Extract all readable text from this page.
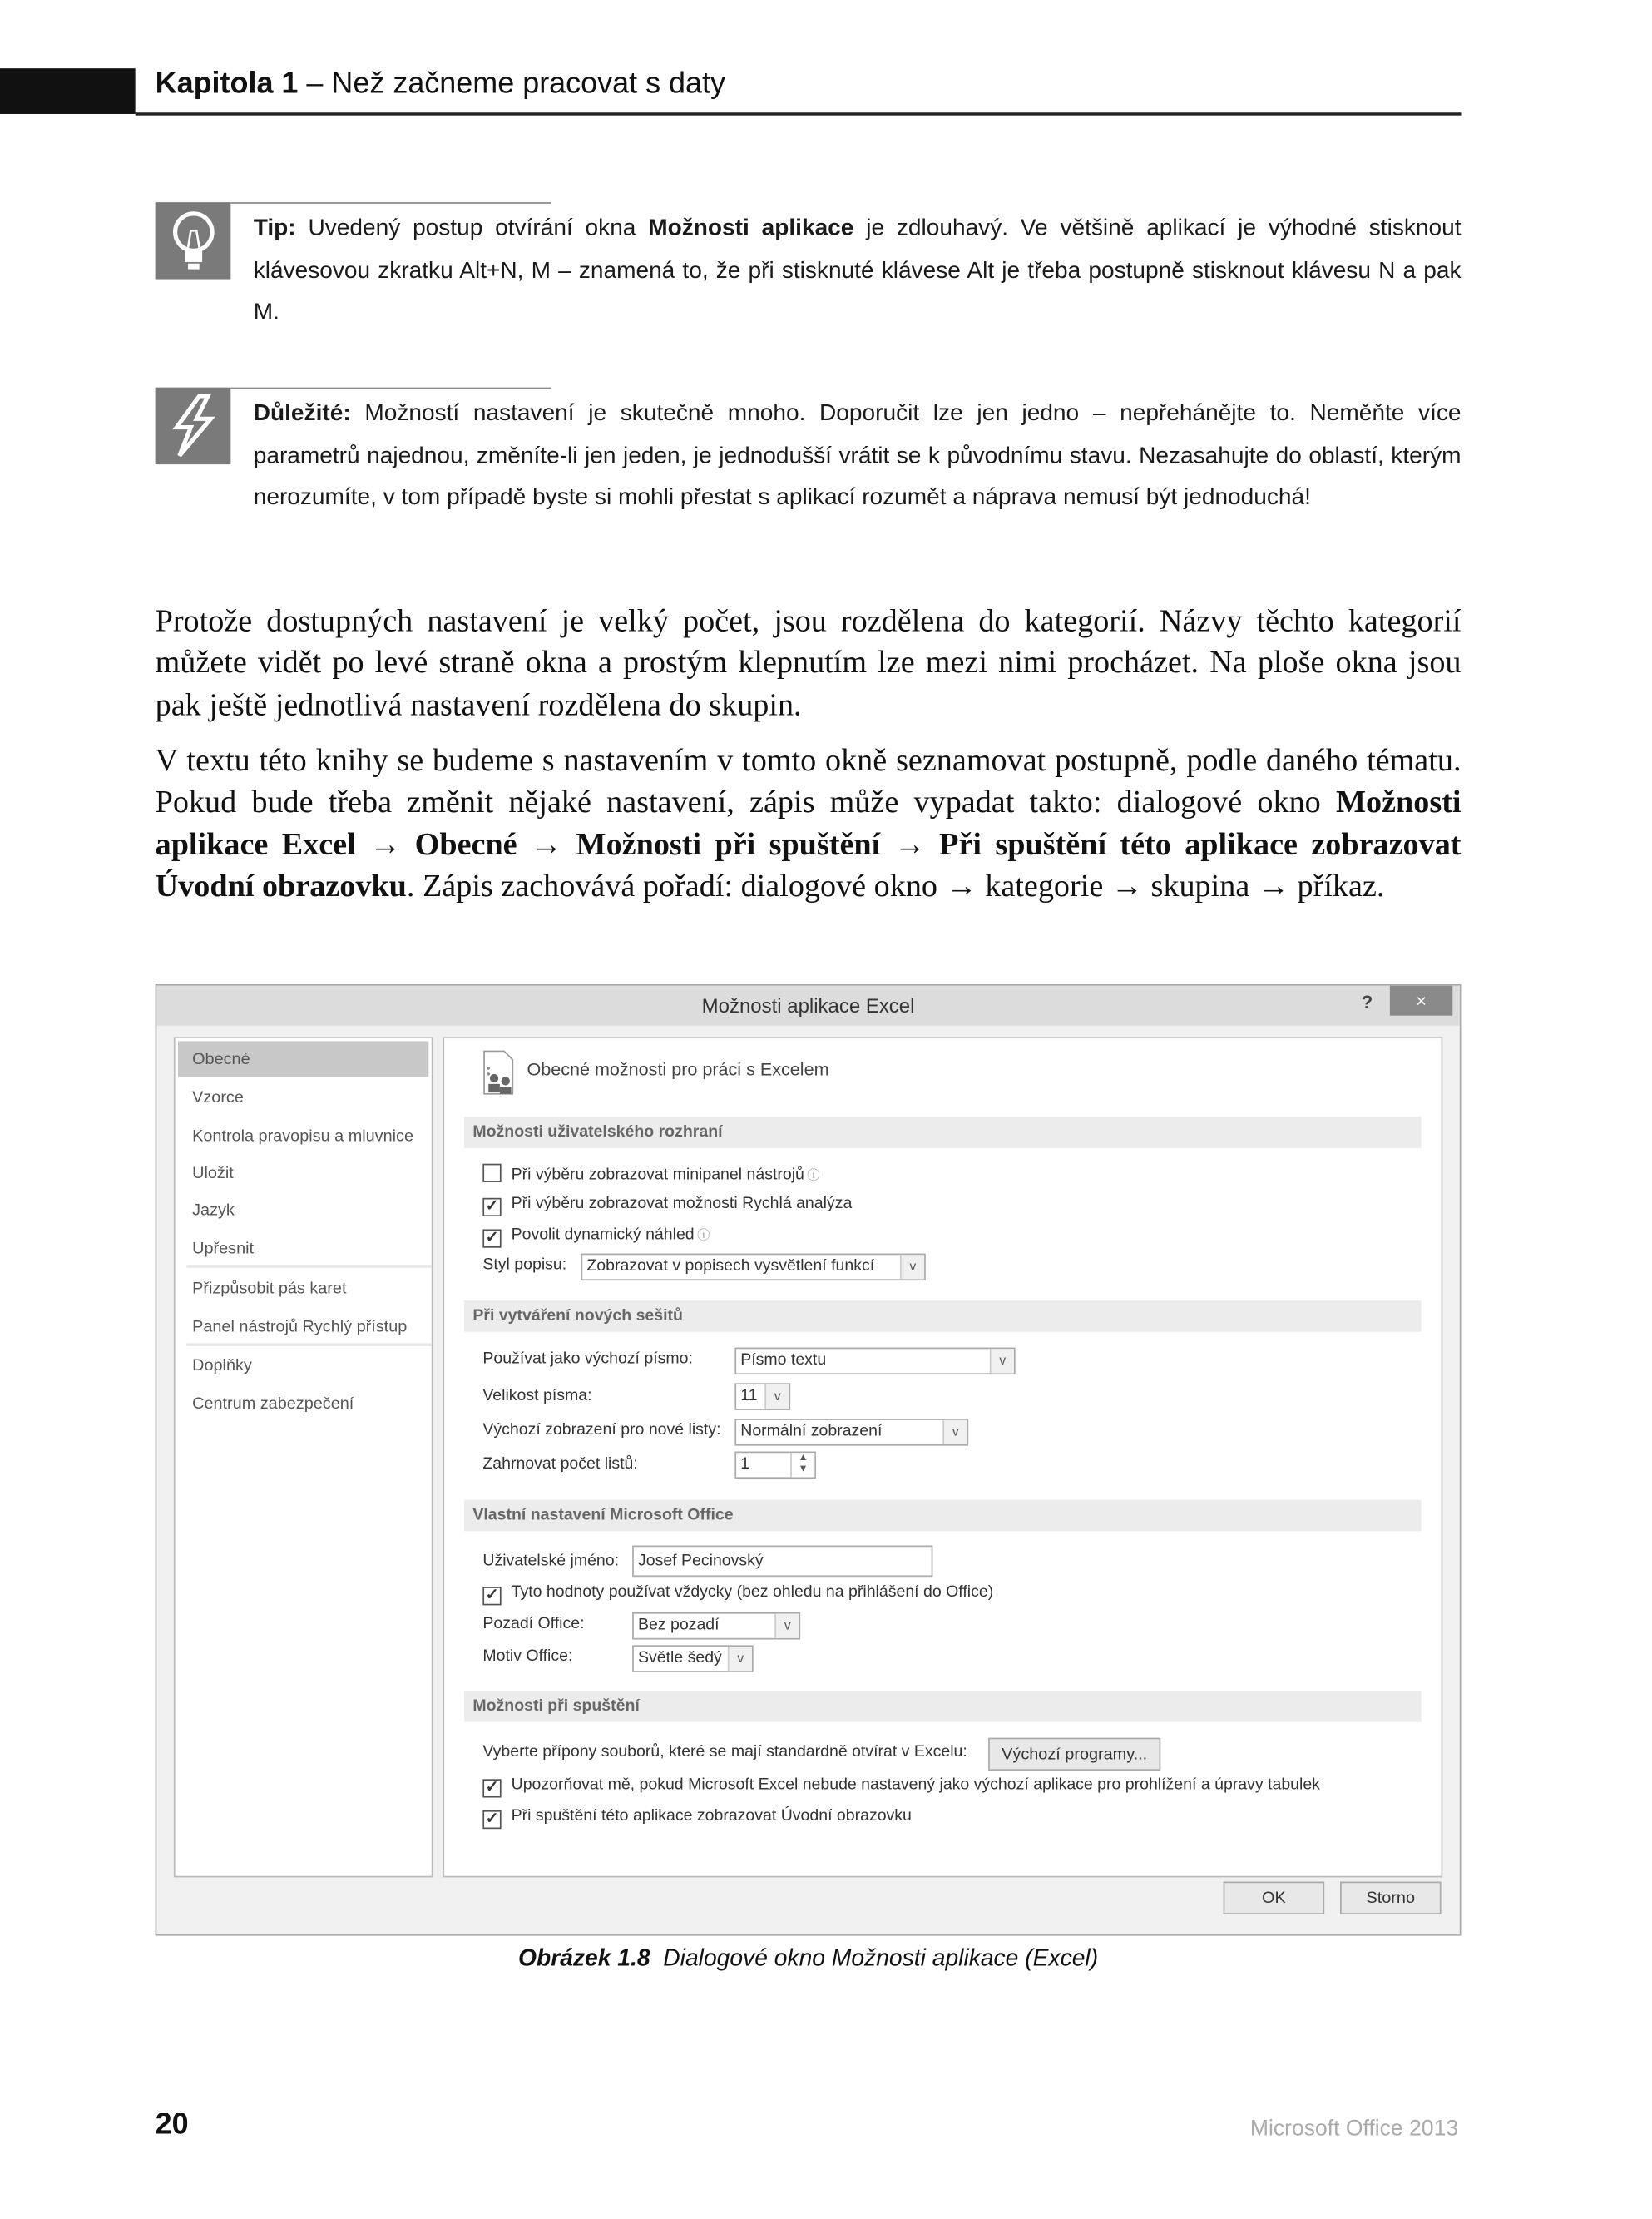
Kapitola 1 – Než začneme pracovat s daty
Tip: Uvedený postup otvírání okna Možnosti aplikace je zdlouhavý. Ve většině aplikací je výhodné stisknout klávesovou zkratku Alt+N, M – znamená to, že při stisknuté klávese Alt je třeba postupně stisknout klávesu N a pak M.
Důležité: Možností nastavení je skutečně mnoho. Doporučit lze jen jedno – nepřehánějte to. Neměňte více parametrů najednou, změníte-li jen jeden, je jednodušší vrátit se k původnímu stavu. Nezasahujte do oblastí, kterým nerozumíte, v tom případě byste si mohli přestat s aplikací rozumět a náprava nemusí být jednoduchá!
Protože dostupných nastavení je velký počet, jsou rozdělena do kategorií. Názvy těchto kategorií můžete vidět po levé straně okna a prostým klepnutím lze mezi nimi procházet. Na ploše okna jsou pak ještě jednotlivá nastavení rozdělena do skupin.
V textu této knihy se budeme s nastavením v tomto okně seznamovat postupně, podle daného tématu. Pokud bude třeba změnit nějaké nastavení, zápis může vypadat takto: dialogové okno Možnosti aplikace Excel → Obecné → Možnosti při spuštění → Při spuštění této aplikace zobrazovat Úvodní obrazovku. Zápis zachovává pořadí: dialogové okno → kategorie → skupina → příkaz.
Možnosti aplikace Excel	?	×
Obecné
Vzorce
Kontrola pravopisu a mluvnice
Uložit
Jazyk
Upřesnit
Přizpůsobit pás karet
Panel nástrojů Rychlý přístup
Doplňky
Centrum zabezpečení
Obecné možnosti pro práci s Excelem
Možnosti uživatelského rozhraní
Při výběru zobrazovat minipanel nástrojů ⓘ
✓ Při výběru zobrazovat možnosti Rychlá analýza
✓ Povolit dynamický náhled ⓘ
Styl popisu:	Zobrazovat v popisech vysvětlení funkcí	v
Při vytváření nových sešitů
Používat jako výchozí písmo:	Písmo textu	v
Velikost písma:	11	v
Výchozí zobrazení pro nové listy:	Normální zobrazení	v
Zahrnovat počet listů:	1	▲
▼
Vlastní nastavení Microsoft Office
Uživatelské jméno:	Josef Pecinovský
✓ Tyto hodnoty používat vždycky (bez ohledu na přihlášení do Office)
Pozadí Office:	Bez pozadí	v
Motiv Office:	Světle šedý	v
Možnosti při spuštění
Vyberte přípony souborů, které se mají standardně otvírat v Excelu:	Výchozí programy...
✓ Upozorňovat mě, pokud Microsoft Excel nebude nastavený jako výchozí aplikace pro prohlížení a úpravy tabulek
✓ Při spuštění této aplikace zobrazovat Úvodní obrazovku
OK	Storno
Obrázek 1.8 Dialogové okno Možnosti aplikace (Excel)
20	Microsoft Office 2013
